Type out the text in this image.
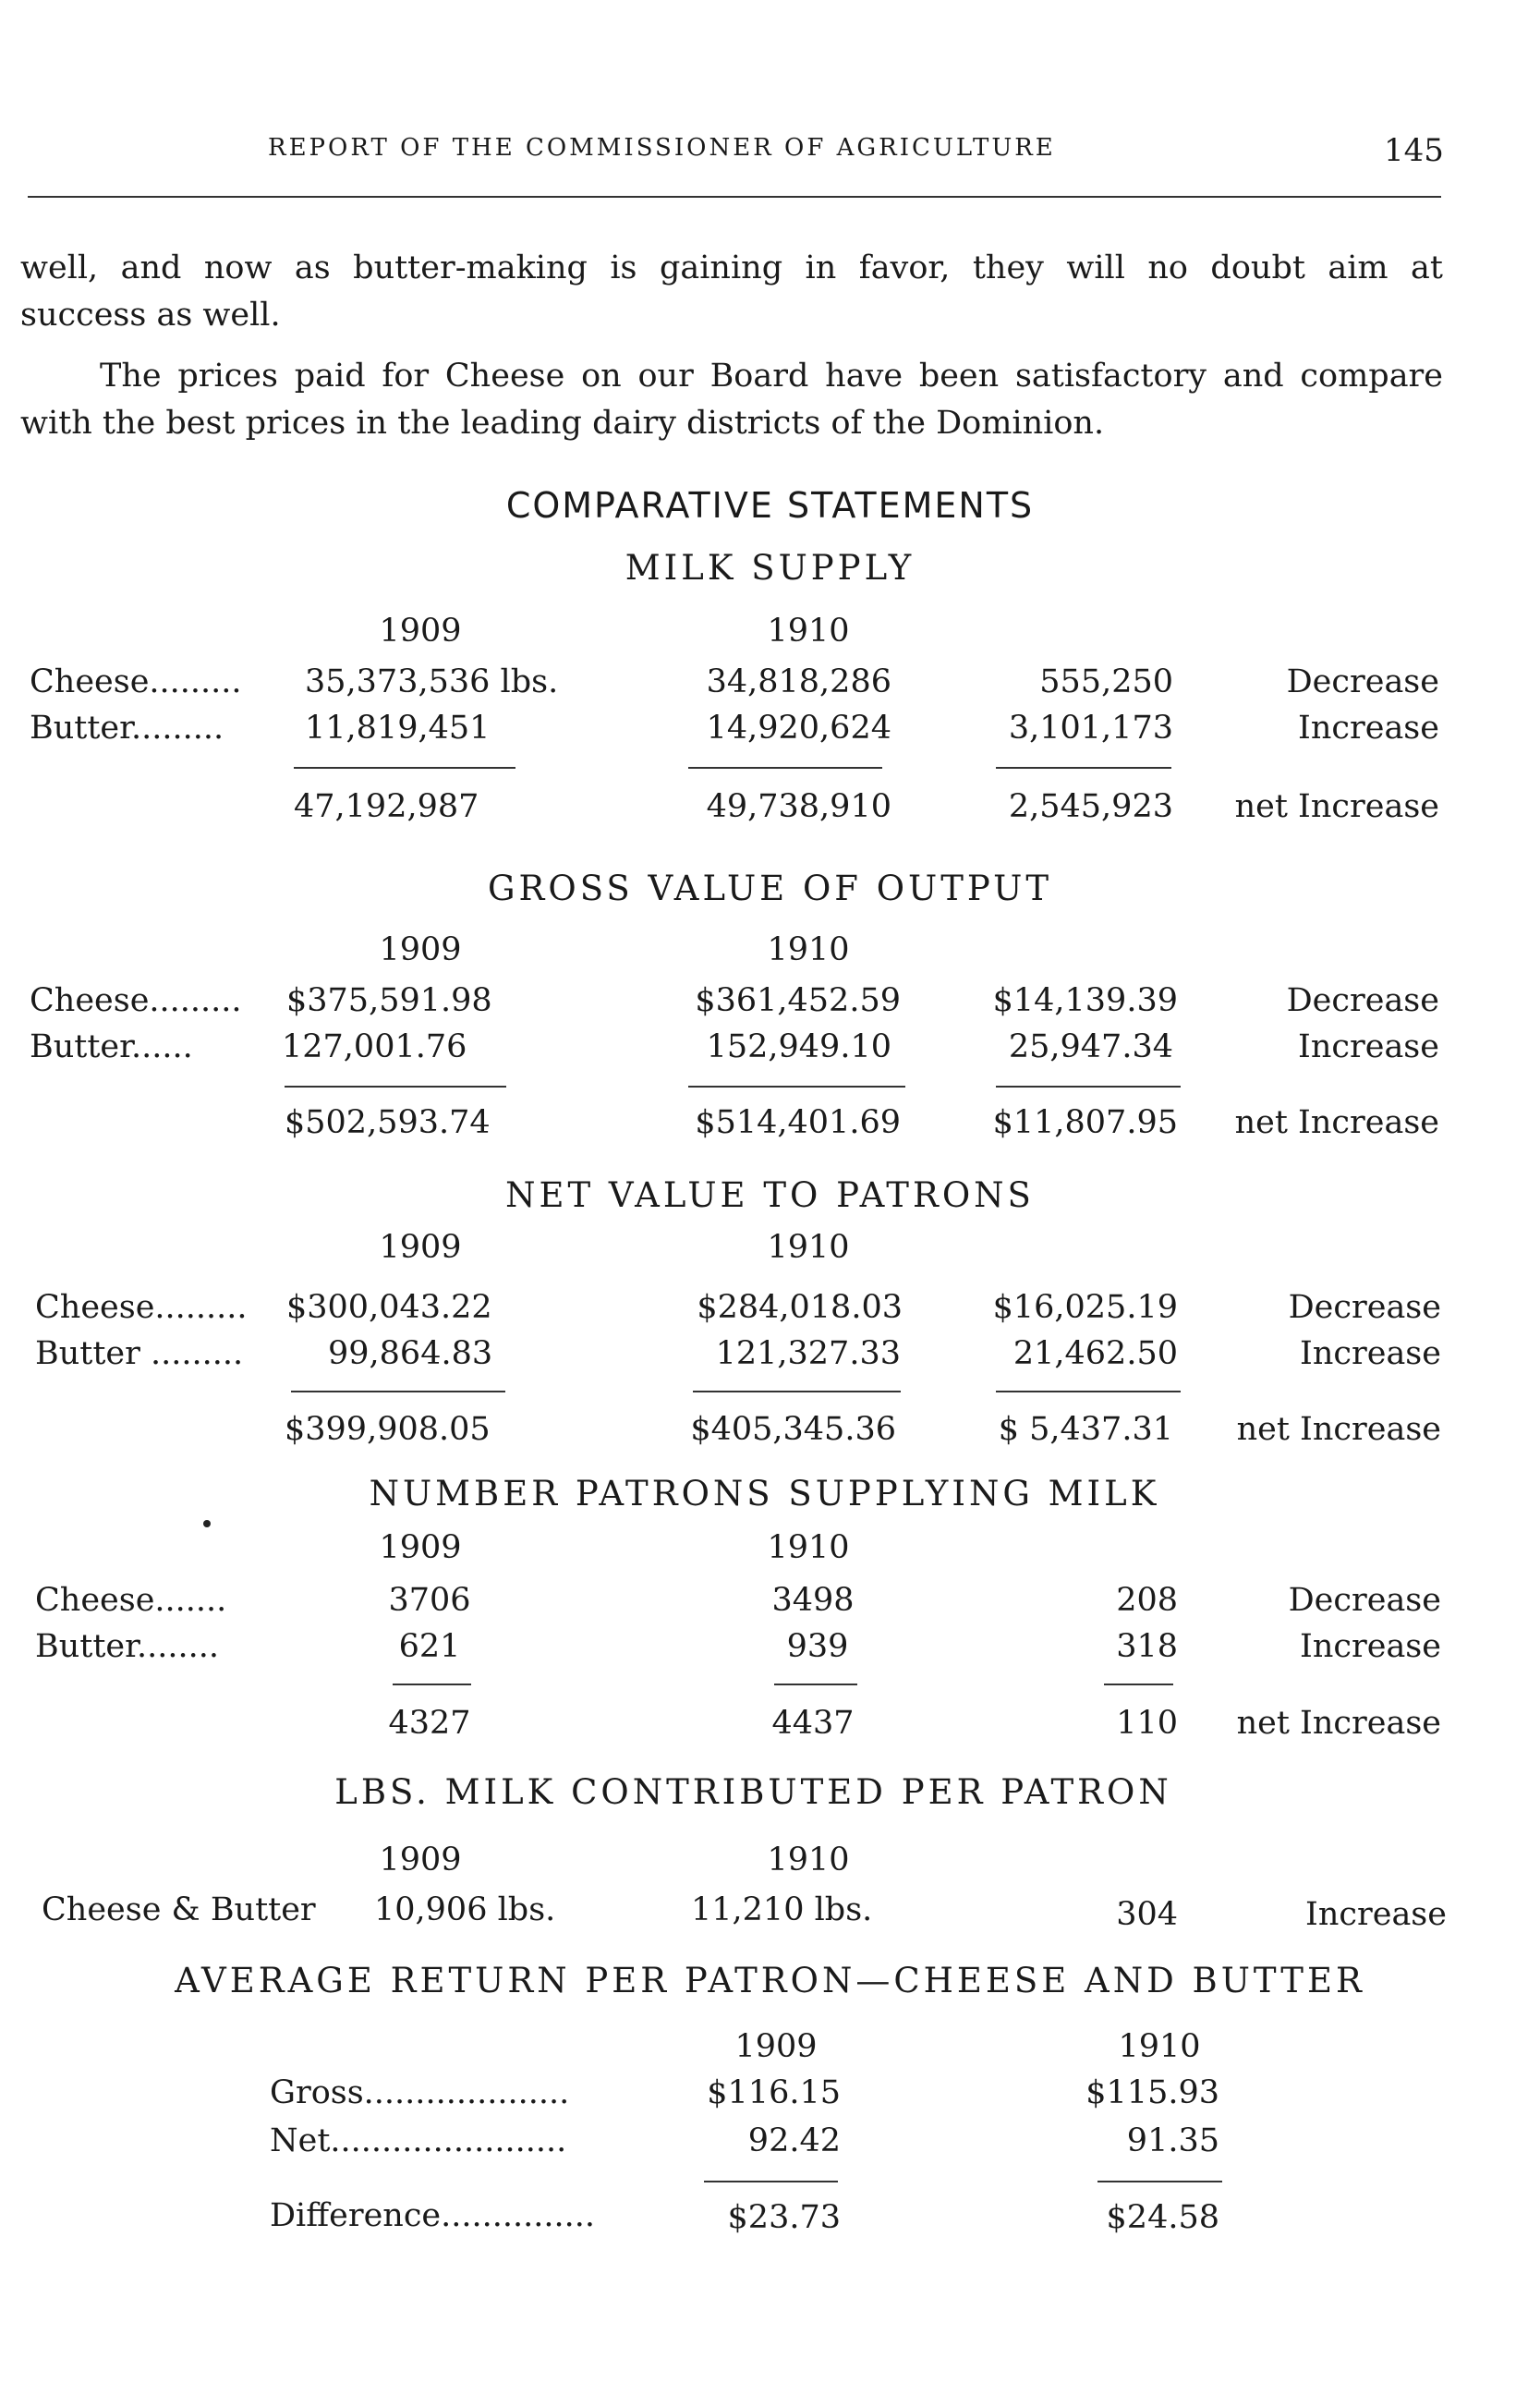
REPORT OF THE COMMISSIONER OF AGRICULTURE	145
well, and now as butter-making is gaining in favor, they will no doubt aim at
success as well.
The prices paid for Cheese on our Board have been satisfactory and compare
with the best prices in the leading dairy districts of the Dominion.
COMPARATIVE STATEMENTS
MILK SUPPLY
1909	1910
Cheese......... 35,373,536 lbs.	34,818,286	555,250	Decrease
Butter.........	11,819,451	14,920,624	3,101,173	Increase
47,192,987	49,738,910	2,545,923	net Increase
GROSS VALUE OF OUTPUT
1909	1910
Cheese......... $375,591.98	$361,452.59	$14,139.39	Decrease
Butter......	127,001.76	152,949.10	25,947.34	Increase
$502,593.74	$514,401.69	$11,807.95	net Increase
NET VALUE TO PATRONS
1909	1910
Cheese......... $300,043.22	$284,018.03	$16,025.19	Decrease
Butter .........	99,864.83	121,327.33	21,462.50	Increase
$399,908.05	$405,345.36	$ 5,437.31	net Increase
NUMBER PATRONS SUPPLYING MILK
1909	1910
Cheese.......	3706	3498	208	Decrease
Butter........	621	939	318	Increase
4327	4437	110	net Increase
LBS. MILK CONTRIBUTED PER PATRON
1909	1910
Cheese & Butter 10,906 lbs.	11,210 lbs.	304	Increase
AVERAGE RETURN PER PATRON—CHEESE AND BUTTER
1909	1910
Gross....................	$116.15	$115.93
Net.......................	92.42	91.35
Difference...............	$23.73	$24.58
